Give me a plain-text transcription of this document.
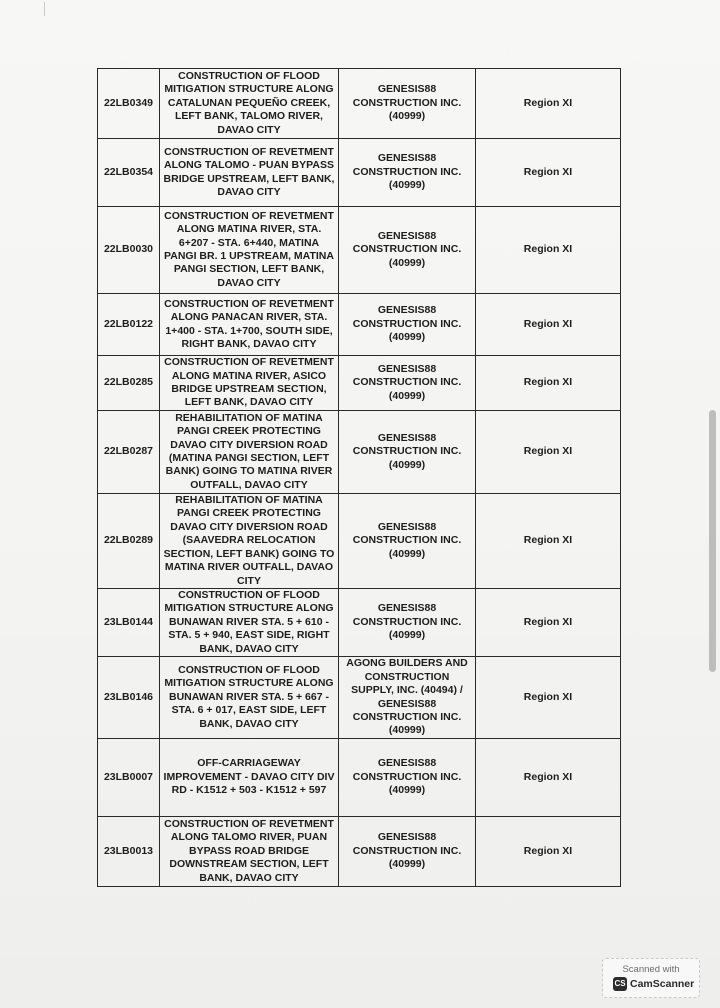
22LB0349	CONSTRUCTION OF FLOOD MITIGATION STRUCTURE ALONG CATALUNAN PEQUEÑO CREEK, LEFT BANK, TALOMO RIVER, DAVAO CITY	GENESIS88 CONSTRUCTION INC. (40999)	Region XI
22LB0354	CONSTRUCTION OF REVETMENT ALONG TALOMO - PUAN BYPASS BRIDGE UPSTREAM, LEFT BANK, DAVAO CITY	GENESIS88 CONSTRUCTION INC. (40999)	Region XI
22LB0030	CONSTRUCTION OF REVETMENT ALONG MATINA RIVER, STA. 6+207 - STA. 6+440, MATINA PANGI BR. 1 UPSTREAM, MATINA PANGI SECTION, LEFT BANK, DAVAO CITY	GENESIS88 CONSTRUCTION INC. (40999)	Region XI
22LB0122	CONSTRUCTION OF REVETMENT ALONG PANACAN RIVER, STA. 1+400 - STA. 1+700, SOUTH SIDE, RIGHT BANK, DAVAO CITY	GENESIS88 CONSTRUCTION INC. (40999)	Region XI
22LB0285	CONSTRUCTION OF REVETMENT ALONG MATINA RIVER, ASICO BRIDGE UPSTREAM SECTION, LEFT BANK, DAVAO CITY	GENESIS88 CONSTRUCTION INC. (40999)	Region XI
22LB0287	REHABILITATION OF MATINA PANGI CREEK PROTECTING DAVAO CITY DIVERSION ROAD (MATINA PANGI SECTION, LEFT BANK) GOING TO MATINA RIVER OUTFALL, DAVAO CITY	GENESIS88 CONSTRUCTION INC. (40999)	Region XI
22LB0289	REHABILITATION OF MATINA PANGI CREEK PROTECTING DAVAO CITY DIVERSION ROAD (SAAVEDRA RELOCATION SECTION, LEFT BANK) GOING TO MATINA RIVER OUTFALL, DAVAO CITY	GENESIS88 CONSTRUCTION INC. (40999)	Region XI
23LB0144	CONSTRUCTION OF FLOOD MITIGATION STRUCTURE ALONG BUNAWAN RIVER STA. 5 + 610 - STA. 5 + 940, EAST SIDE, RIGHT BANK, DAVAO CITY	GENESIS88 CONSTRUCTION INC. (40999)	Region XI
23LB0146	CONSTRUCTION OF FLOOD MITIGATION STRUCTURE ALONG BUNAWAN RIVER STA. 5 + 667 - STA. 6 + 017, EAST SIDE, LEFT BANK, DAVAO CITY	AGONG BUILDERS AND CONSTRUCTION SUPPLY, INC. (40494) / GENESIS88 CONSTRUCTION INC. (40999)	Region XI
23LB0007	OFF-CARRIAGEWAY IMPROVEMENT - DAVAO CITY DIV RD - K1512 + 503 - K1512 + 597	GENESIS88 CONSTRUCTION INC. (40999)	Region XI
23LB0013	CONSTRUCTION OF REVETMENT ALONG TALOMO RIVER, PUAN BYPASS ROAD BRIDGE DOWNSTREAM SECTION, LEFT BANK, DAVAO CITY	GENESIS88 CONSTRUCTION INC. (40999)	Region XI
Scanned with
CS CamScanner
